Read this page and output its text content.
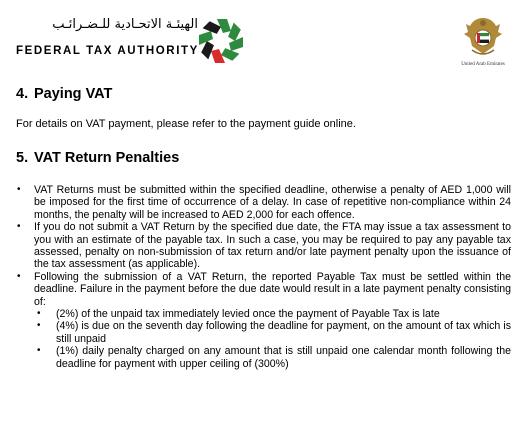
الهيئـة الاتحـادية للـضـرائـب
FEDERAL TAX AUTHORITY
United Arab Emirates
4. Paying VAT

For details on VAT payment, please refer to the payment guide online.

5. VAT Return Penalties
• VAT Returns must be submitted within the specified deadline, otherwise a penalty of AED 1,000 will be imposed for the first time of occurrence of a delay. In case of repetitive non-compliance within 24 months, the penalty will be increased to AED 2,000 for each offence.
• If you do not submit a VAT Return by the specified due date, the FTA may issue a tax assessment to you with an estimate of the payable tax. In such a case, you may be required to pay any payable tax assessed, penalty on non-submission of tax return and/or late payment penalty upon the issuance of the tax assessment (as applicable).
• Following the submission of a VAT Return, the reported Payable Tax must be settled within the deadline. Failure in the payment before the due date would result in a late payment penalty consisting of:
• (2%) of the unpaid tax immediately levied once the payment of Payable Tax is late
• (4%) is due on the seventh day following the deadline for payment, on the amount of tax which is still unpaid
• (1%) daily penalty charged on any amount that is still unpaid one calendar month following the deadline for payment with upper ceiling of (300%)
